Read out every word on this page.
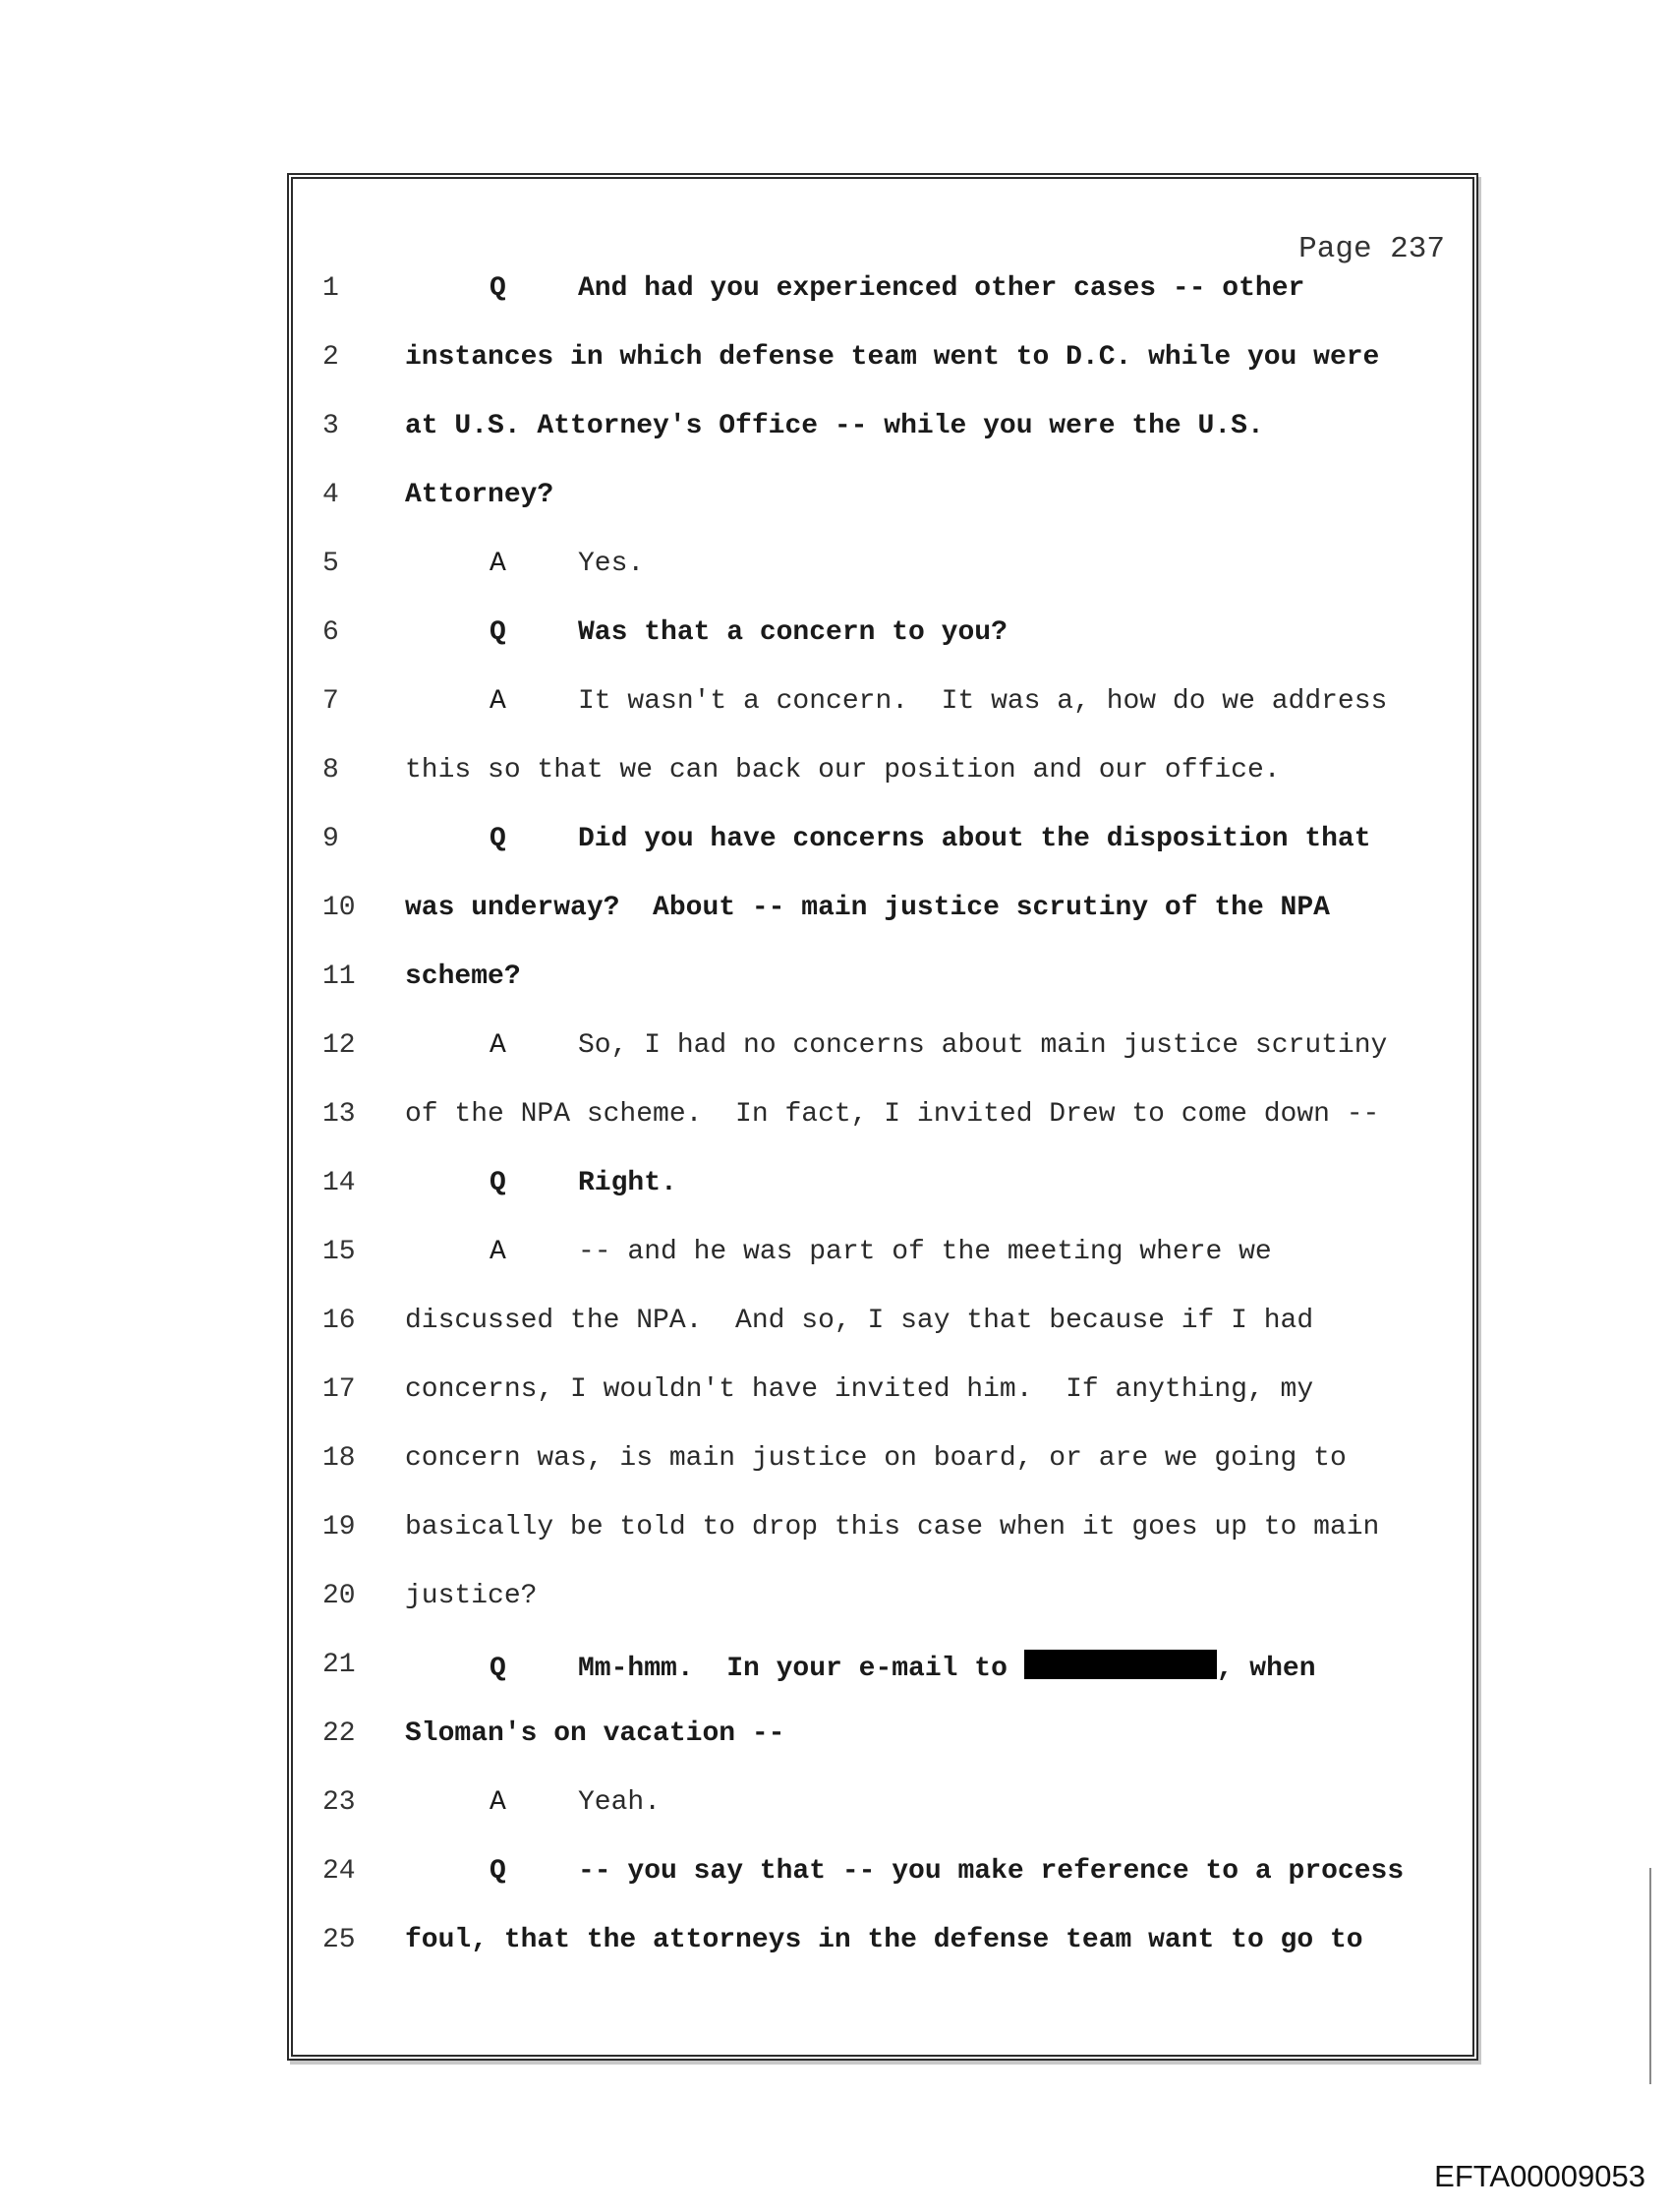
Page 237
1	Q	And had you experienced other cases -- other
2	instances in which defense team went to D.C. while you were
3	at U.S. Attorney's Office -- while you were the U.S.
4	Attorney?
5	A	Yes.
6	Q	Was that a concern to you?
7	A	It wasn't a concern.  It was a, how do we address
8	this so that we can back our position and our office.
9	Q	Did you have concerns about the disposition that
10	was underway?  About -- main justice scrutiny of the NPA
11	scheme?
12	A	So, I had no concerns about main justice scrutiny
13	of the NPA scheme.  In fact, I invited Drew to come down --
14	Q	Right.
15	A	-- and he was part of the meeting where we
16	discussed the NPA.  And so, I say that because if I had
17	concerns, I wouldn't have invited him.  If anything, my
18	concern was, is main justice on board, or are we going to
19	basically be told to drop this case when it goes up to main
20	justice?
21	Q	Mm-hmm.  In your e-mail to	, when
22	Sloman's on vacation --
23	A	Yeah.
24	Q	-- you say that -- you make reference to a process
25	foul, that the attorneys in the defense team want to go to
EFTA00009053
